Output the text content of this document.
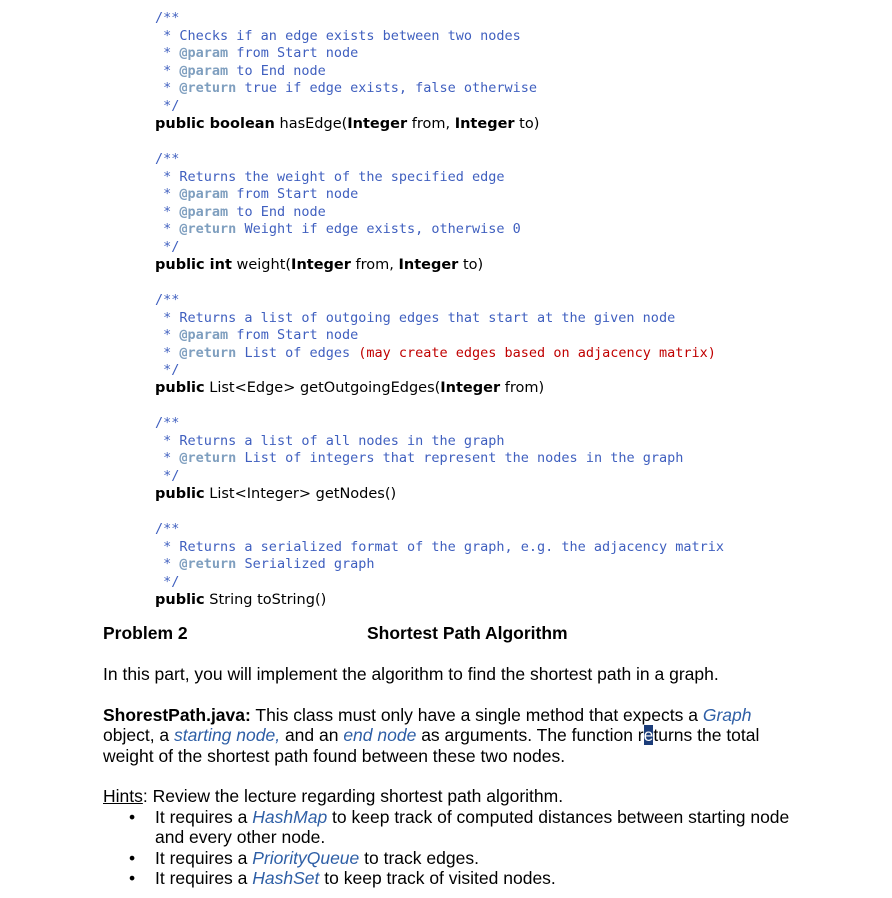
/**
* Checks if an edge exists between two nodes
* @param from Start node
* @param to End node
* @return true if edge exists, false otherwise
*/
public boolean hasEdge(Integer from, Integer to)
/**
* Returns the weight of the specified edge
* @param from Start node
* @param to End node
* @return Weight if edge exists, otherwise 0
*/
public int weight(Integer from, Integer to)
/**
* Returns a list of outgoing edges that start at the given node
* @param from Start node
* @return List of edges (may create edges based on adjacency matrix)
*/
public List<Edge> getOutgoingEdges(Integer from)
/**
* Returns a list of all nodes in the graph
* @return List of integers that represent the nodes in the graph
*/
public List<Integer> getNodes()
/**
* Returns a serialized format of the graph, e.g. the adjacency matrix
* @return Serialized graph
*/
public String toString()
Problem 2	Shortest Path Algorithm
In this part, you will implement the algorithm to find the shortest path in a graph.
ShorestPath.java: This class must only have a single method that expects a Graph object, a starting node, and an end node as arguments. The function returns the total weight of the shortest path found between these two nodes.
Hints: Review the lecture regarding shortest path algorithm.
• It requires a HashMap to keep track of computed distances between starting node and every other node.
• It requires a PriorityQueue to track edges.
• It requires a HashSet to keep track of visited nodes.
